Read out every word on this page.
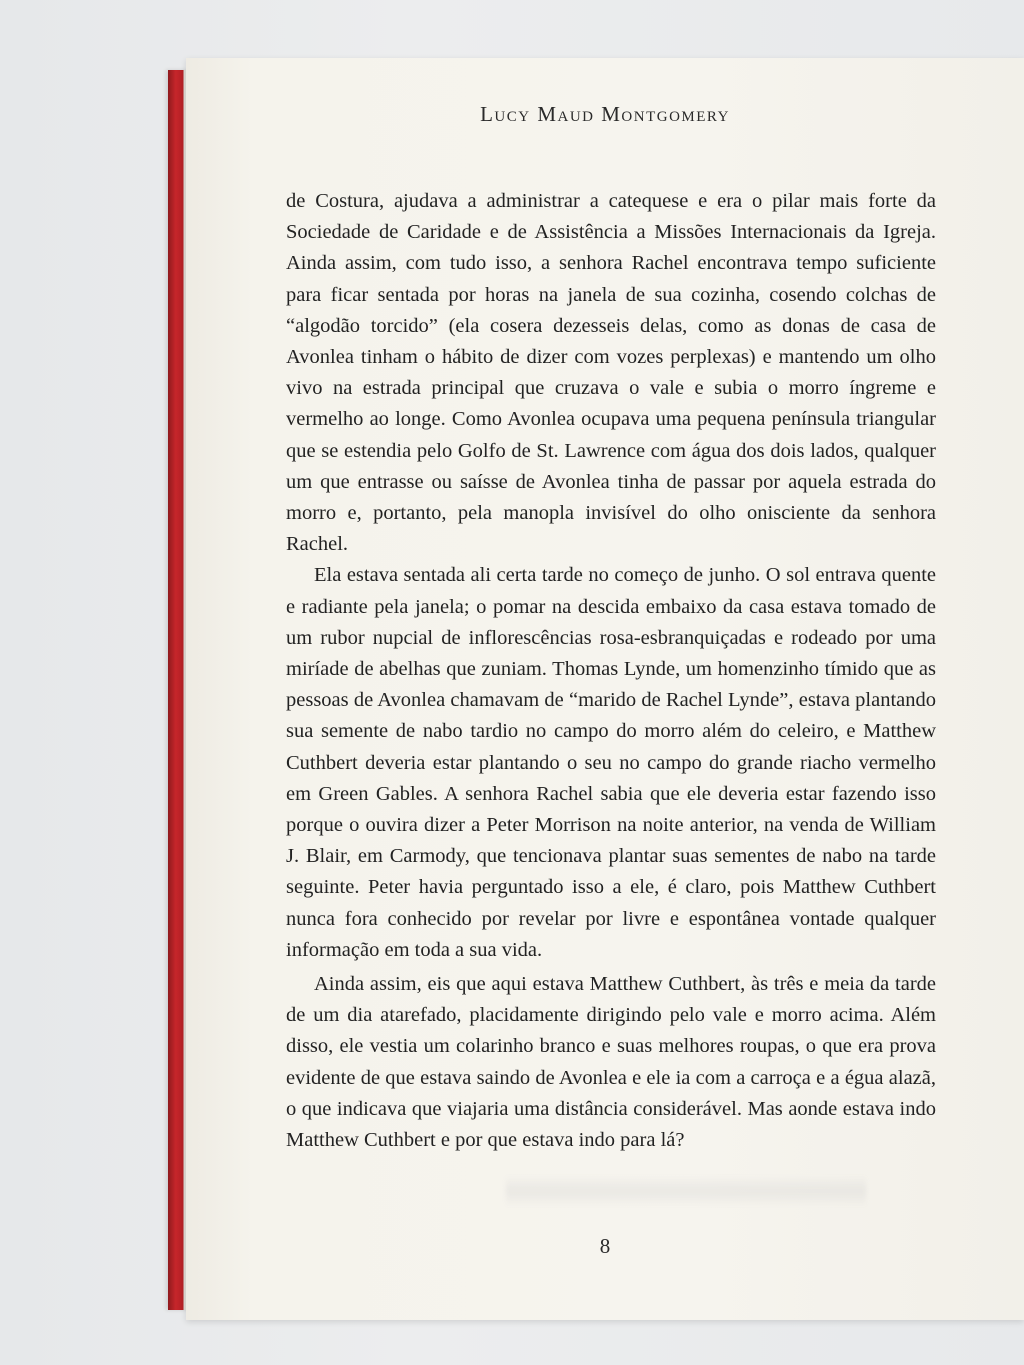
Lucy Maud Montgomery

de Costura, ajudava a administrar a catequese e era o pilar mais forte da Sociedade de Caridade e de Assistência a Missões Internacionais da Igreja. Ainda assim, com tudo isso, a senhora Rachel encontrava tempo suficiente para ficar sentada por horas na janela de sua cozinha, cosendo colchas de “algodão torcido” (ela cosera dezesseis delas, como as donas de casa de Avonlea tinham o hábito de dizer com vozes perplexas) e mantendo um olho vivo na estrada principal que cruzava o vale e subia o morro íngreme e vermelho ao longe. Como Avonlea ocupava uma pequena península triangular que se estendia pelo Golfo de St. Lawrence com água dos dois lados, qualquer um que entrasse ou saísse de Avonlea tinha de passar por aquela estrada do morro e, portanto, pela manopla invisível do olho onisciente da senhora Rachel.

Ela estava sentada ali certa tarde no começo de junho. O sol entrava quente e radiante pela janela; o pomar na descida embaixo da casa estava tomado de um rubor nupcial de inflorescências rosa-esbranquiçadas e rodeado por uma miríade de abelhas que zuniam. Thomas Lynde, um homenzinho tímido que as pessoas de Avonlea chamavam de “marido de Rachel Lynde”, estava plantando sua semente de nabo tardio no campo do morro além do celeiro, e Matthew Cuthbert deveria estar plantando o seu no campo do grande riacho vermelho em Green Gables. A senhora Rachel sabia que ele deveria estar fazendo isso porque o ouvira dizer a Peter Morrison na noite anterior, na venda de William J. Blair, em Carmody, que tencionava plantar suas sementes de nabo na tarde seguinte. Peter havia perguntado isso a ele, é claro, pois Matthew Cuthbert nunca fora conhecido por revelar por livre e espontânea vontade qualquer informação em toda a sua vida.

Ainda assim, eis que aqui estava Matthew Cuthbert, às três e meia da tarde de um dia atarefado, placidamente dirigindo pelo vale e morro acima. Além disso, ele vestia um colarinho branco e suas melhores roupas, o que era prova evidente de que estava saindo de Avonlea e ele ia com a carroça e a égua alazã, o que indicava que viajaria uma distância considerável. Mas aonde estava indo Matthew Cuthbert e por que estava indo para lá?

8
